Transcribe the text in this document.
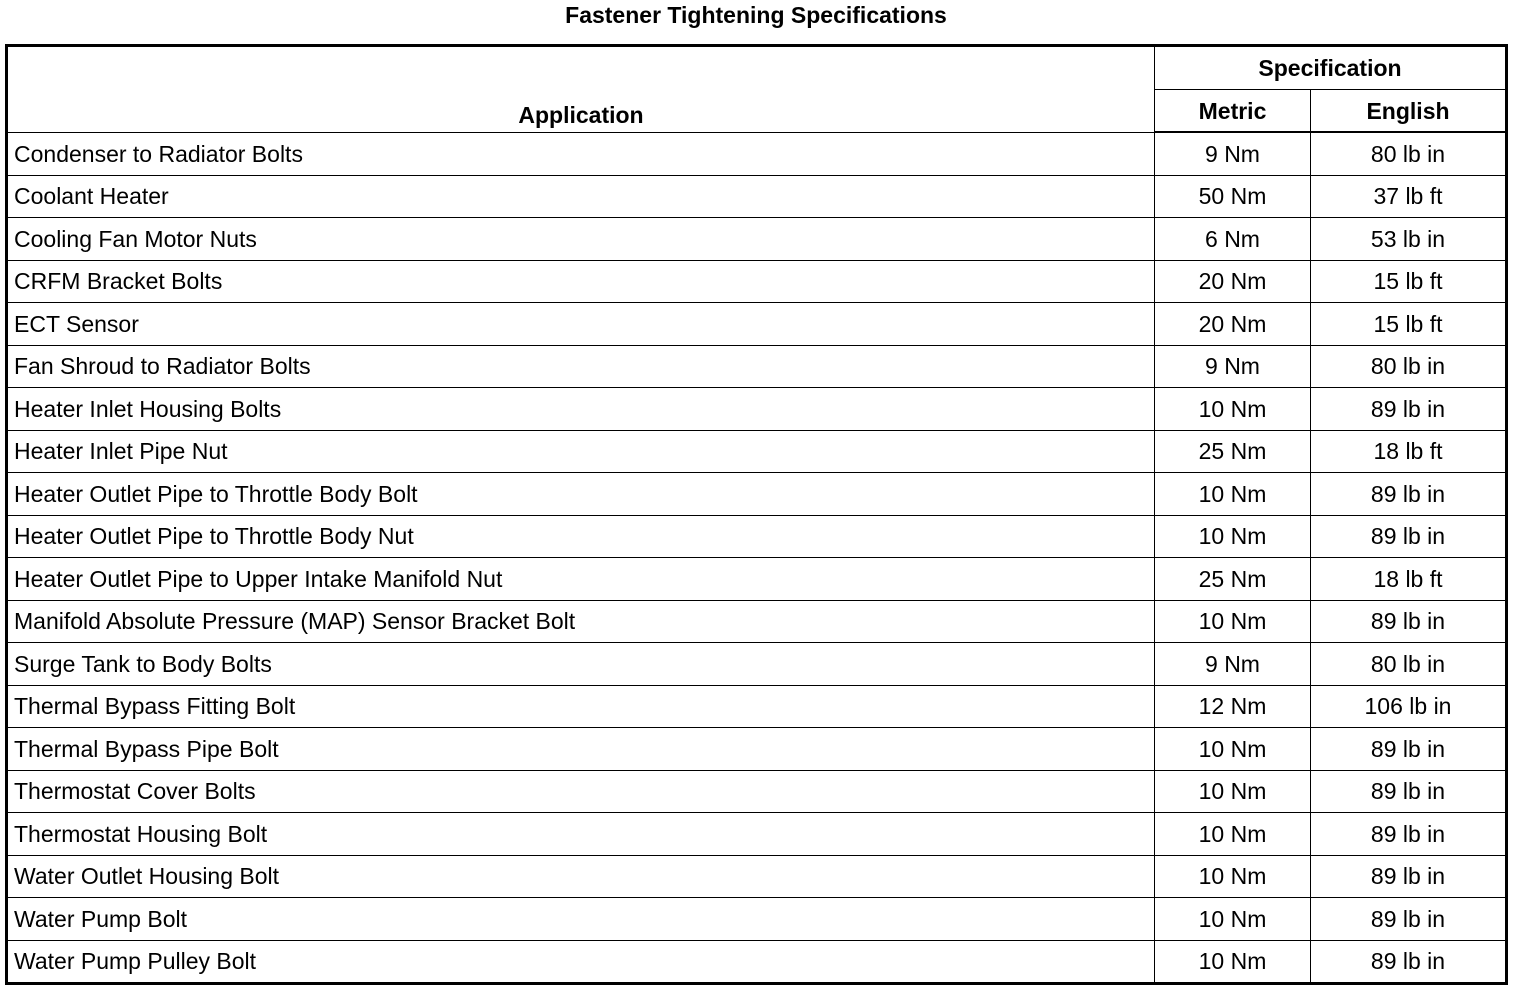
Fastener Tightening Specifications
Application	Specification	
	Metric	English
Condenser to Radiator Bolts	9 Nm	80 lb in
Coolant Heater	50 Nm	37 lb ft
Cooling Fan Motor Nuts	6 Nm	53 lb in
CRFM Bracket Bolts	20 Nm	15 lb ft
ECT Sensor	20 Nm	15 lb ft
Fan Shroud to Radiator Bolts	9 Nm	80 lb in
Heater Inlet Housing Bolts	10 Nm	89 lb in
Heater Inlet Pipe Nut	25 Nm	18 lb ft
Heater Outlet Pipe to Throttle Body Bolt	10 Nm	89 lb in
Heater Outlet Pipe to Throttle Body Nut	10 Nm	89 lb in
Heater Outlet Pipe to Upper Intake Manifold Nut	25 Nm	18 lb ft
Manifold Absolute Pressure (MAP) Sensor Bracket Bolt	10 Nm	89 lb in
Surge Tank to Body Bolts	9 Nm	80 lb in
Thermal Bypass Fitting Bolt	12 Nm	106 lb in
Thermal Bypass Pipe Bolt	10 Nm	89 lb in
Thermostat Cover Bolts	10 Nm	89 lb in
Thermostat Housing Bolt	10 Nm	89 lb in
Water Outlet Housing Bolt	10 Nm	89 lb in
Water Pump Bolt	10 Nm	89 lb in
Water Pump Pulley Bolt	10 Nm	89 lb in
